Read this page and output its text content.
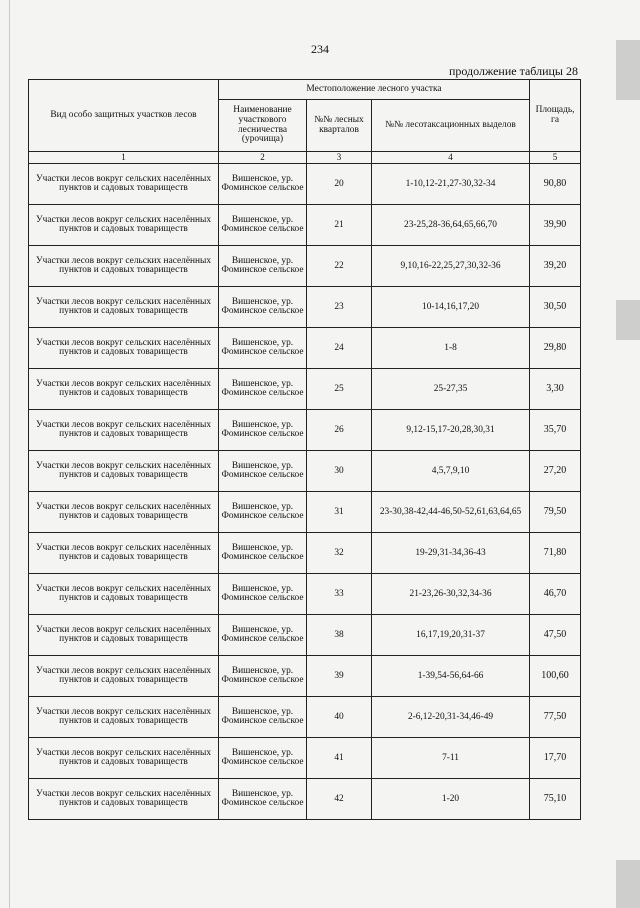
234
продолжение таблицы 28
Вид особо защитных участков лесов	Местоположение лесного участка			Площадь, га
	Наименование участкового лесничества (урочища)	№№ лесных кварталов	№№ лесотаксационных выделов	
1	2	3	4	5
Участки лесов вокруг сельских населённых пунктов и садовых товариществ	Вишенское, ур. Фоминское сельское	20	1-10,12-21,27-30,32-34	90,80
Участки лесов вокруг сельских населённых пунктов и садовых товариществ	Вишенское, ур. Фоминское сельское	21	23-25,28-36,64,65,66,70	39,90
Участки лесов вокруг сельских населённых пунктов и садовых товариществ	Вишенское, ур. Фоминское сельское	22	9,10,16-22,25,27,30,32-36	39,20
Участки лесов вокруг сельских населённых пунктов и садовых товариществ	Вишенское, ур. Фоминское сельское	23	10-14,16,17,20	30,50
Участки лесов вокруг сельских населённых пунктов и садовых товариществ	Вишенское, ур. Фоминское сельское	24	1-8	29,80
Участки лесов вокруг сельских населённых пунктов и садовых товариществ	Вишенское, ур. Фоминское сельское	25	25-27,35	3,30
Участки лесов вокруг сельских населённых пунктов и садовых товариществ	Вишенское, ур. Фоминское сельское	26	9,12-15,17-20,28,30,31	35,70
Участки лесов вокруг сельских населённых пунктов и садовых товариществ	Вишенское, ур. Фоминское сельское	30	4,5,7,9,10	27,20
Участки лесов вокруг сельских населённых пунктов и садовых товариществ	Вишенское, ур. Фоминское сельское	31	23-30,38-42,44-46,50-52,61,63,64,65	79,50
Участки лесов вокруг сельских населённых пунктов и садовых товариществ	Вишенское, ур. Фоминское сельское	32	19-29,31-34,36-43	71,80
Участки лесов вокруг сельских населённых пунктов и садовых товариществ	Вишенское, ур. Фоминское сельское	33	21-23,26-30,32,34-36	46,70
Участки лесов вокруг сельских населённых пунктов и садовых товариществ	Вишенское, ур. Фоминское сельское	38	16,17,19,20,31-37	47,50
Участки лесов вокруг сельских населённых пунктов и садовых товариществ	Вишенское, ур. Фоминское сельское	39	1-39,54-56,64-66	100,60
Участки лесов вокруг сельских населённых пунктов и садовых товариществ	Вишенское, ур. Фоминское сельское	40	2-6,12-20,31-34,46-49	77,50
Участки лесов вокруг сельских населённых пунктов и садовых товариществ	Вишенское, ур. Фоминское сельское	41	7-11	17,70
Участки лесов вокруг сельских населённых пунктов и садовых товариществ	Вишенское, ур. Фоминское сельское	42	1-20	75,10
